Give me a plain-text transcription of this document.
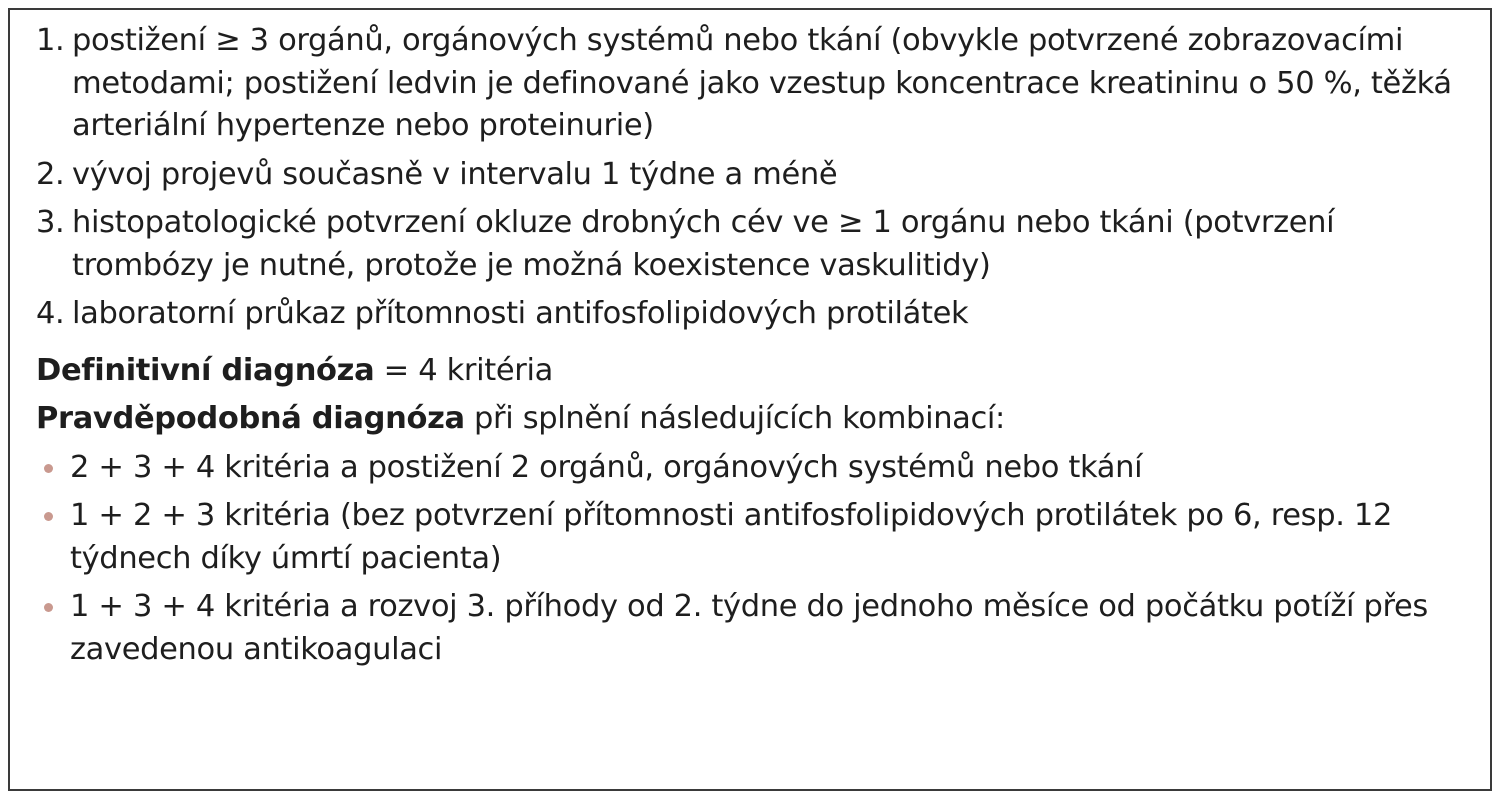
1. postižení ≥ 3 orgánů, orgánových systémů nebo tkání (obvykle potvrzené zobrazovacími metodami; postižení ledvin je definované jako vzestup koncentrace kreatininu o 50 %, těžká arteriální hypertenze nebo proteinurie)
2. vývoj projevů současně v intervalu 1 týdne a méně
3. histopatologické potvrzení okluze drobných cév ve ≥ 1 orgánu nebo tkáni (potvrzení trombózy je nutné, protože je možná koexistence vaskulitidy)
4. laboratorní průkaz přítomnosti antifosfolipidových protilátek

Definitivní diagnóza = 4 kritéria

Pravděpodobná diagnóza při splnění následujících kombinací:

2 + 3 + 4 kritéria a postižení 2 orgánů, orgánových systémů nebo tkání
1 + 2 + 3 kritéria (bez potvrzení přítomnosti antifosfolipidových protilátek po 6, resp. 12 týdnech díky úmrtí pacienta)
1 + 3 + 4 kritéria a rozvoj 3. příhody od 2. týdne do jednoho měsíce od počátku potíží přes zavedenou antikoagulaci
